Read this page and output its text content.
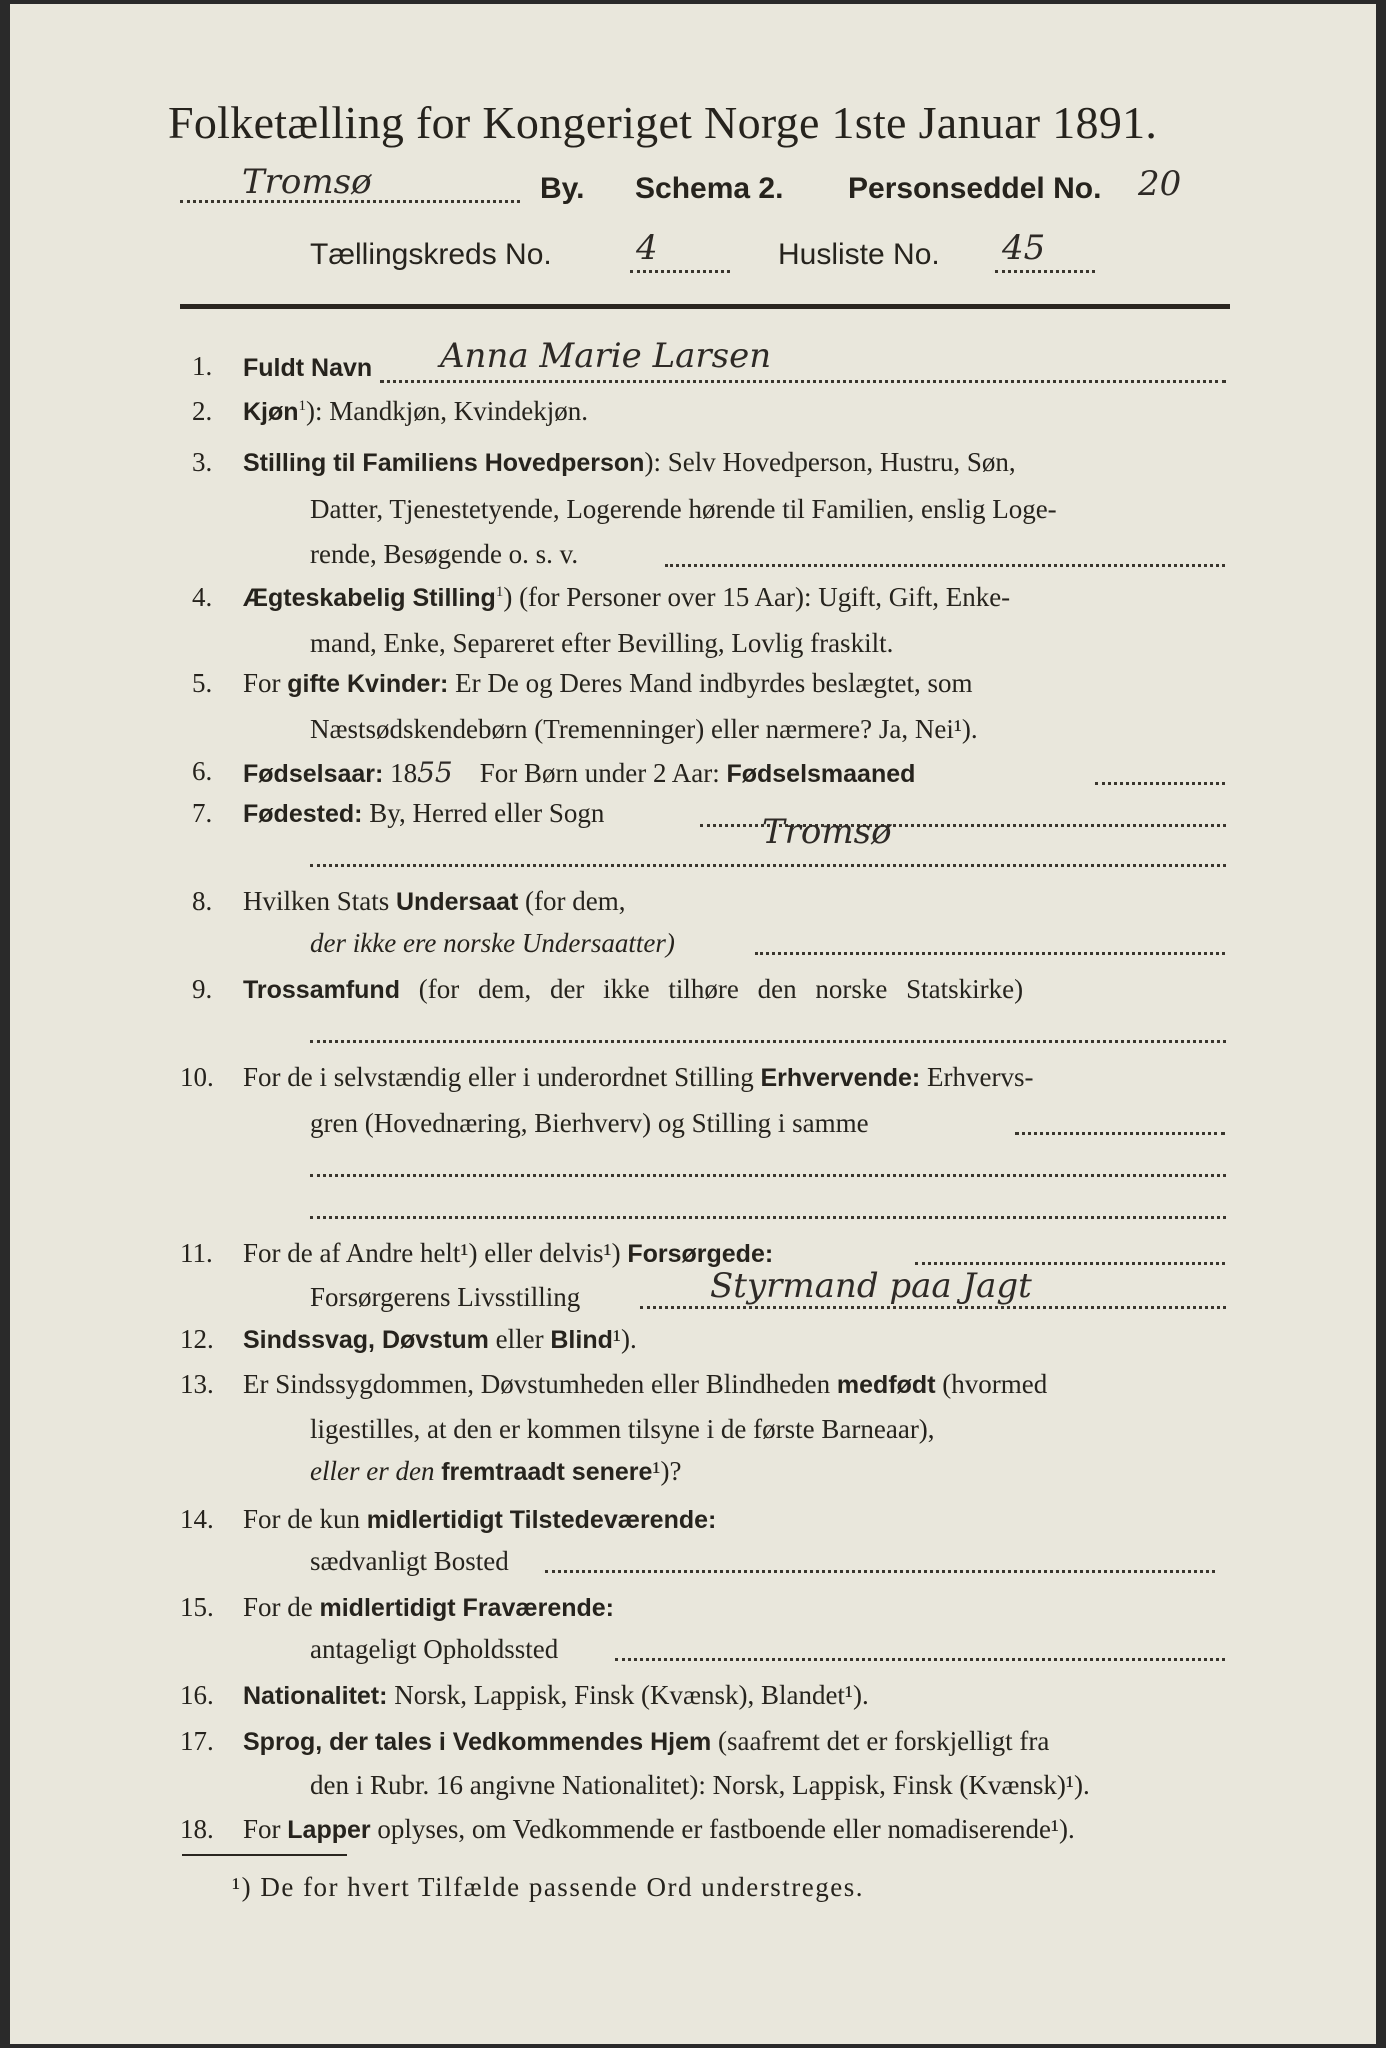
Folketælling for Kongeriget Norge 1ste Januar 1891.
Tromsø	By. Schema 2. Personseddel No. 20
Tællingskreds No. 4	Husliste No. 45
1. Fuldt Navn Anna Marie Larsen
2. Kjøn$^1$): Mandkjøn, Kvindekjøn.
3. Stilling til Familiens Hovedperson): Selv Hovedperson, Hustru, Søn,
Datter, Tjenestetyende, Logerende hørende til Familien, enslig Loge-
rende, Besøgende o. s. v.
4. Ægteskabelig Stilling$^1$) (for Personer over 15 Aar): Ugift, Gift, Enke-
mand, Enke, Separeret efter Bevilling, Lovlig fraskilt.
5. For gifte Kvinder: Er De og Deres Mand indbyrdes beslægtet, som
Næstsødskendebørn (Tremenninger) eller nærmere? Ja, Nei¹).
6. Fødselsaar: 1855 For Børn under 2 Aar: Fødselsmaaned
7. Fødested: By, Herred eller Sogn	Tromsø
8. Hvilken Stats Undersaat (for dem,
der ikke ere norske Undersaatter)
9. Trossamfund (for dem, der ikke tilhøre den norske Statskirke)
10. For de i selvstændig eller i underordnet Stilling Erhvervende: Erhvervs-
gren (Hovednæring, Bierhverv) og Stilling i samme
11. For de af Andre helt¹) eller delvis¹) Forsørgede:
Forsørgerens Livsstilling	Styrmand paa Jagt
12. Sindssvag, Døvstum eller Blind¹).
13. Er Sindssygdommen, Døvstumheden eller Blindheden medfødt (hvormed
ligestilles, at den er kommen tilsyne i de første Barneaar),
eller er den fremtraadt senere¹)?
14. For de kun midlertidigt Tilstedeværende:
sædvanligt Bosted
15. For de midlertidigt Fraværende:
antageligt Opholdssted
16. Nationalitet: Norsk, Lappisk, Finsk (Kvænsk), Blandet¹).
17. Sprog, der tales i Vedkommendes Hjem (saafremt det er forskjelligt fra
den i Rubr. 16 angivne Nationalitet): Norsk, Lappisk, Finsk (Kvænsk)¹).
18. For Lapper oplyses, om Vedkommende er fastboende eller nomadiserende¹).
¹) De for hvert Tilfælde passende Ord understreges.
